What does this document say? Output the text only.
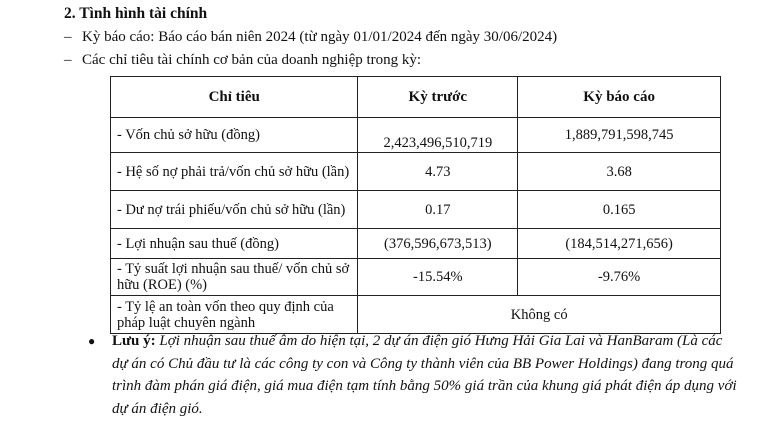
2. Tình hình tài chính
– Kỳ báo cáo: Báo cáo bán niên 2024 (từ ngày 01/01/2024 đến ngày 30/06/2024)
– Các chỉ tiêu tài chính cơ bản của doanh nghiệp trong kỳ:
Chỉ tiêu	Kỳ trước	Kỳ báo cáo
- Vốn chủ sở hữu (đồng)	2,423,496,510,719	1,889,791,598,745
- Hệ số nợ phải trả/vốn chủ sở hữu (lần)	4.73	3.68
- Dư nợ trái phiếu/vốn chủ sở hữu (lần)	0.17	0.165
- Lợi nhuận sau thuế (đồng)	(376,596,673,513)	(184,514,271,656)
- Tỷ suất lợi nhuận sau thuế/ vốn chủ sở hữu (ROE) (%)	-15.54%	-9.76%
- Tỷ lệ an toàn vốn theo quy định của pháp luật chuyên ngành	Không có	
● Lưu ý: Lợi nhuận sau thuế âm do hiện tại, 2 dự án điện gió Hưng Hải Gia Lai và HanBaram (Là các dự án có Chủ đầu tư là các công ty con và Công ty thành viên của BB Power Holdings) đang trong quá trình đàm phán giá điện, giá mua điện tạm tính bằng 50% giá trần của khung giá phát điện áp dụng với dự án điện gió.
